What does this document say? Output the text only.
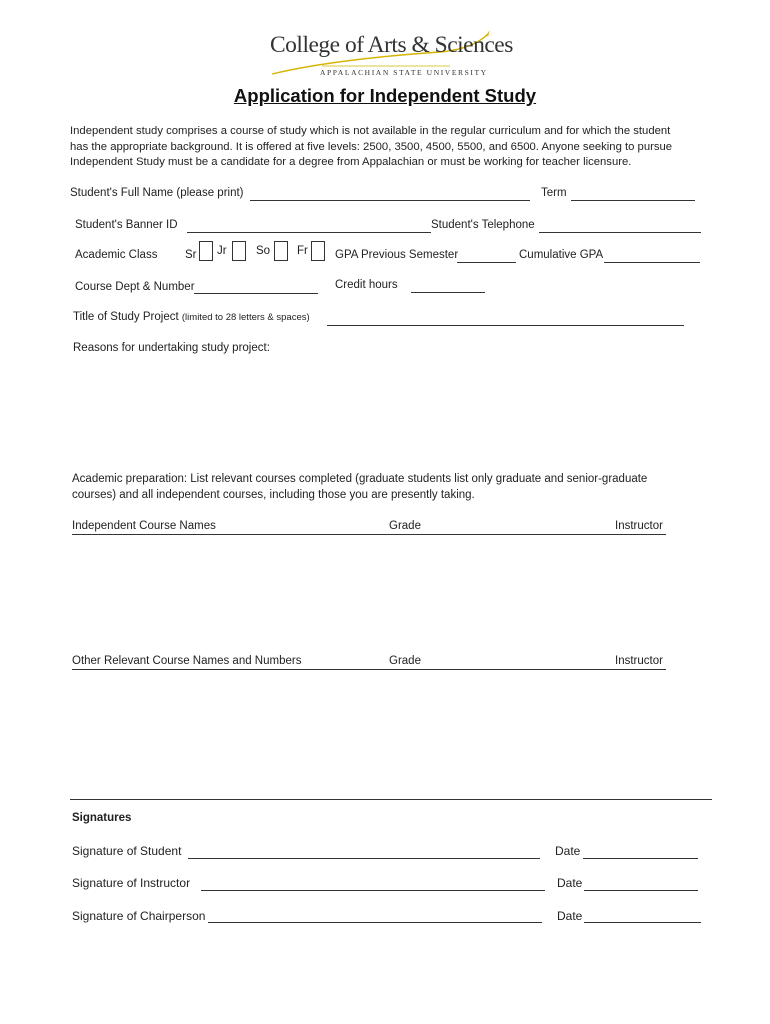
College of Arts & Sciences
APPALACHIAN STATE UNIVERSITY
Application for Independent Study
Independent study comprises a course of study which is not available in the regular curriculum and for which the student
has the appropriate background. It is offered at five levels: 2500, 3500, 4500, 5500, and 6500. Anyone seeking to pursue
Independent Study must be a candidate for a degree from Appalachian or must be working for teacher licensure.
Student's Full Name (please print)	Term
Student's Banner ID	Student's Telephone
Academic Class Sr Jr	So Fr GPA Previous Semester	Cumulative GPA
Course Dept & Number	Credit hours
Title of Study Project (limited to 28 letters & spaces)
Reasons for undertaking study project:
Academic preparation: List relevant courses completed (graduate students list only graduate and senior-graduate
courses) and all independent courses, including those you are presently taking.
Independent Course Names	Grade	Instructor
Other Relevant Course Names and Numbers	Grade	Instructor
Signatures
Signature of Student	Date
Signature of Instructor	Date
Signature of Chairperson	Date
